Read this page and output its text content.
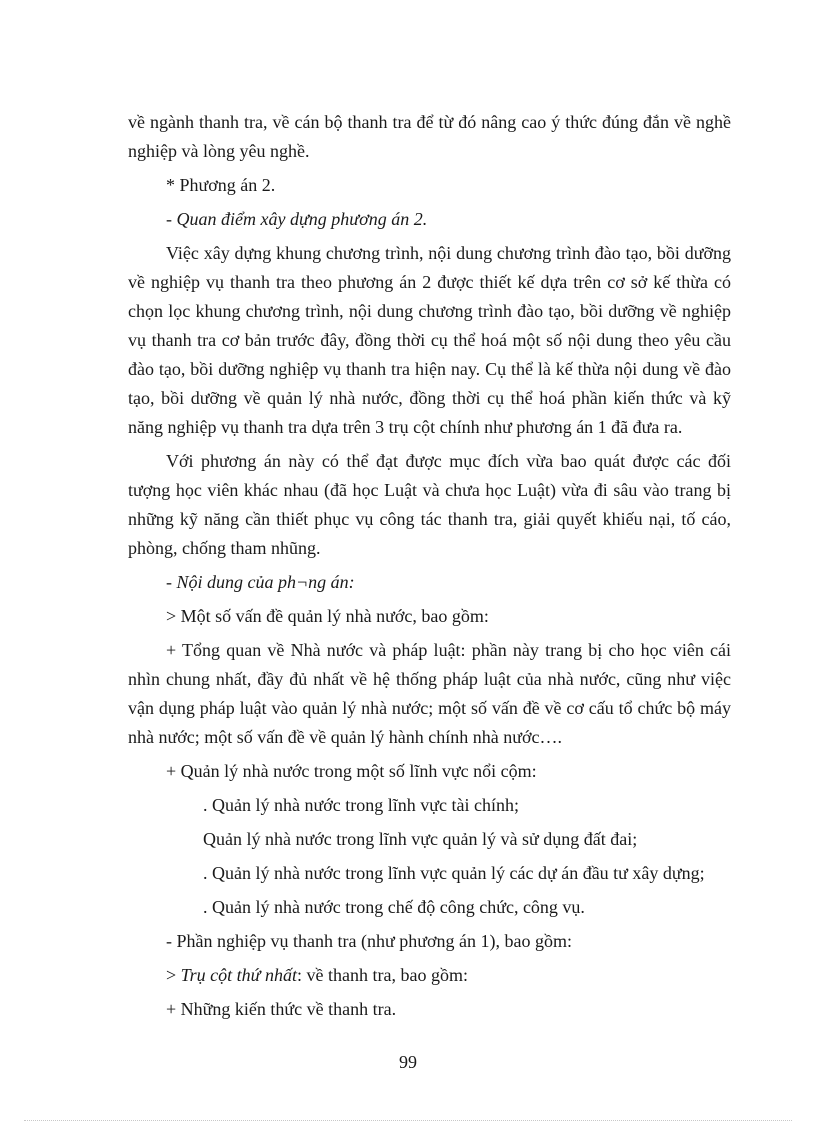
về ngành thanh tra, về cán bộ thanh tra để từ đó nâng cao ý thức đúng đắn về nghề nghiệp và lòng yêu nghề.

* Phương án 2.

- Quan điểm xây dựng phương án 2.

Việc xây dựng khung chương trình, nội dung chương trình đào tạo, bồi dưỡng về nghiệp vụ thanh tra theo phương án 2 được thiết kế dựa trên cơ sở kế thừa có chọn lọc khung chương trình, nội dung chương trình đào tạo, bồi dưỡng về nghiệp vụ thanh tra cơ bản trước đây, đồng thời cụ thể hoá một số nội dung theo yêu cầu đào tạo, bồi dưỡng nghiệp vụ thanh tra hiện nay. Cụ thể là kế thừa nội dung về đào tạo, bồi dưỡng về quản lý nhà nước, đồng thời cụ thể hoá phần kiến thức và kỹ năng nghiệp vụ thanh tra dựa trên 3 trụ cột chính như phương án 1 đã đưa ra.

Với phương án này có thể đạt được mục đích vừa bao quát được các đối tượng học viên khác nhau (đã học Luật và chưa học Luật) vừa đi sâu vào trang bị những kỹ năng cần thiết phục vụ công tác thanh tra, giải quyết khiếu nại, tố cáo, phòng, chống tham nhũng.

- Nội dung của ph¬ng án:

> Một số vấn đề quản lý nhà nước, bao gồm:

+ Tổng quan về Nhà nước và pháp luật: phần này trang bị cho học viên cái nhìn chung nhất, đầy đủ nhất về hệ thống pháp luật của nhà nước, cũng như việc vận dụng pháp luật vào quản lý nhà nước; một số vấn đề về cơ cấu tổ chức bộ máy nhà nước; một số vấn đề về quản lý hành chính nhà nước….

+ Quản lý nhà nước trong một số lĩnh vực nổi cộm:

. Quản lý nhà nước trong lĩnh vực tài chính;

Quản lý nhà nước trong lĩnh vực quản lý và sử dụng đất đai;

. Quản lý nhà nước trong lĩnh vực quản lý các dự án đầu tư xây dựng;

. Quản lý nhà nước trong chế độ công chức, công vụ.

- Phần nghiệp vụ thanh tra (như phương án 1), bao gồm:

> Trụ cột thứ nhất: về thanh tra, bao gồm:

+ Những kiến thức về thanh tra.

99
